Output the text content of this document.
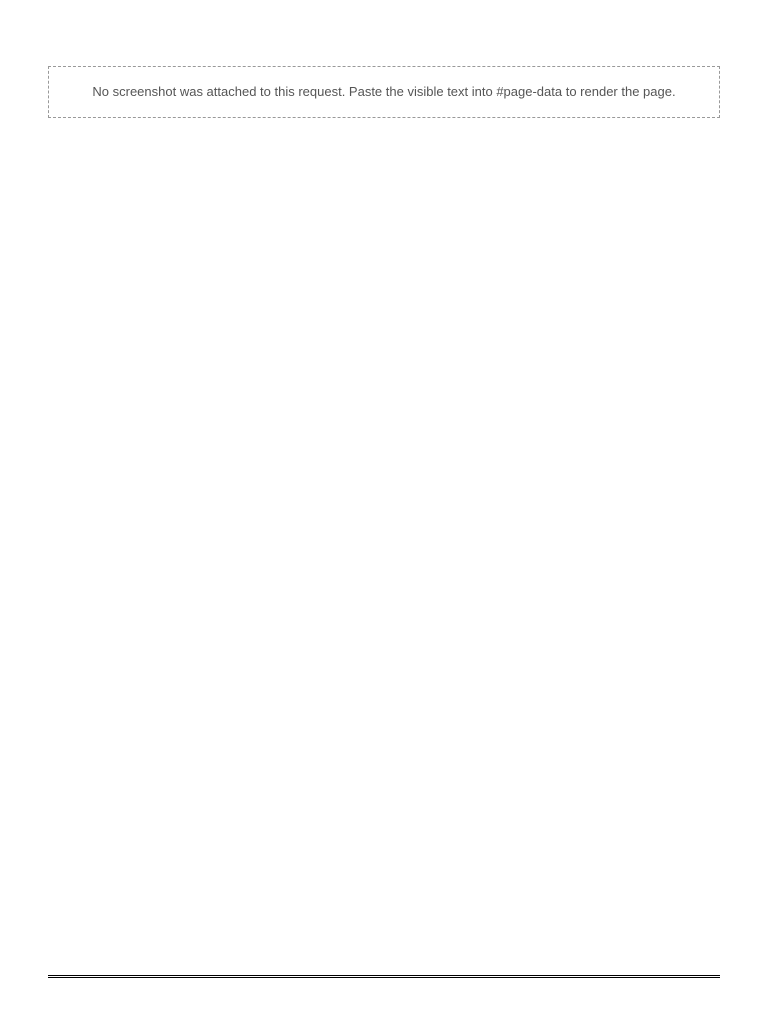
No screenshot was attached to this request. Paste the visible text into #page-data to render the page.
